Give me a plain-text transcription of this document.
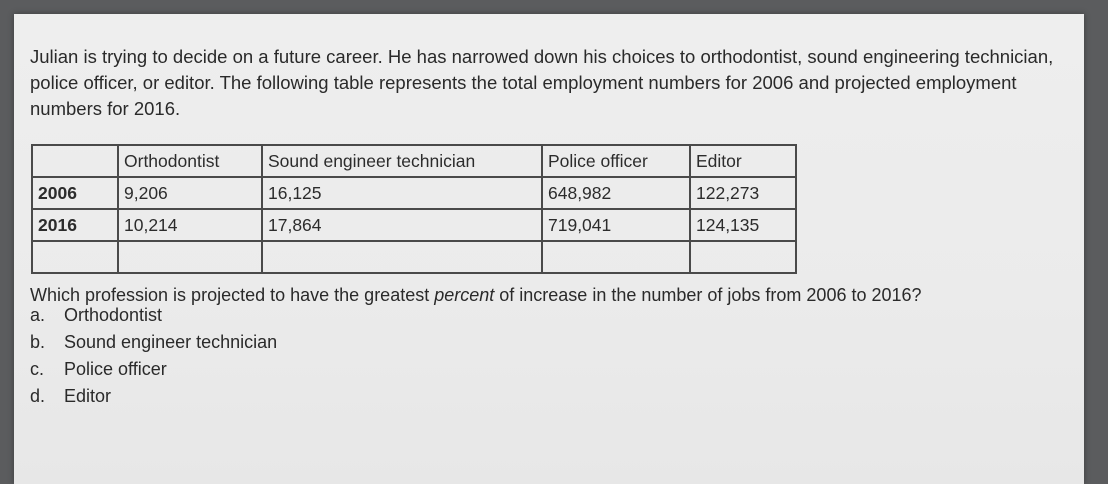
Julian is trying to decide on a future career. He has narrowed down his choices to orthodontist, sound engineering technician, police officer, or editor. The following table represents the total employment numbers for 2006 and projected employment numbers for 2016.

	Orthodontist	Sound engineer technician	Police officer	Editor
2006	9,206	16,125	648,982	122,273
2016	10,214	17,864	719,041	124,135

Which profession is projected to have the greatest percent of increase in the number of jobs from 2006 to 2016?

a.	Orthodontist
b.	Sound engineer technician
c.	Police officer
d.	Editor
